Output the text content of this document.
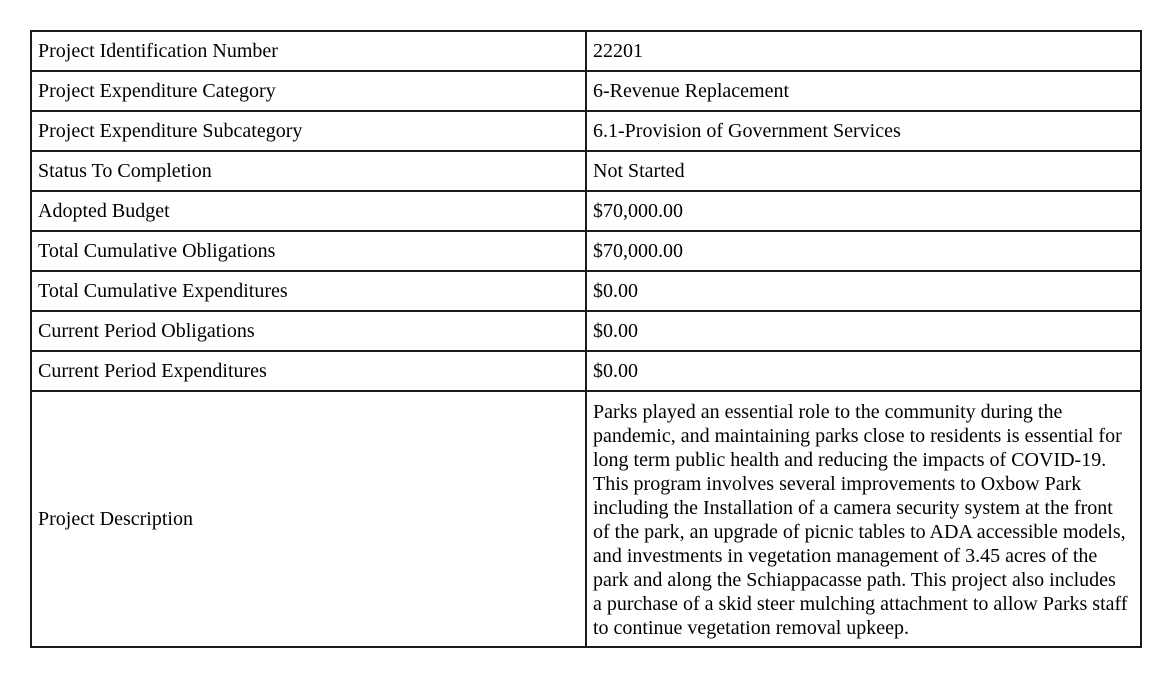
Project Identification Number	22201
Project Expenditure Category	6-Revenue Replacement
Project Expenditure Subcategory	6.1-Provision of Government Services
Status To Completion	Not Started
Adopted Budget	$70,000.00
Total Cumulative Obligations	$70,000.00
Total Cumulative Expenditures	$0.00
Current Period Obligations	$0.00
Current Period Expenditures	$0.00
Project Description	Parks played an essential role to the community during the pandemic, and maintaining parks close to residents is essential for long term public health and reducing the impacts of COVID-19. This program involves several improvements to Oxbow Park including the Installation of a camera security system at the front of the park, an upgrade of picnic tables to ADA accessible models, and investments in vegetation management of 3.45 acres of the park and along the Schiappacasse path. This project also includes a purchase of a skid steer mulching attachment to allow Parks staff to continue vegetation removal upkeep.
